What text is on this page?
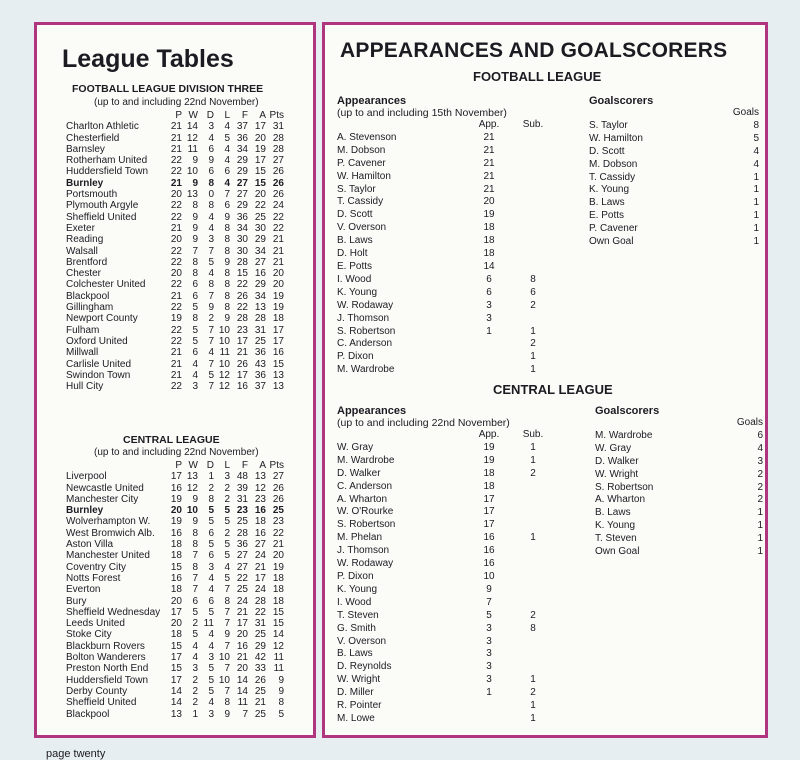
League Tables
FOOTBALL LEAGUE DIVISION THREE
(up to and including 22nd November)
	P	W	D	L	F	A	Pts
Charlton Athletic	21	14	3	4	37	17	31
Chesterfield	21	12	4	5	36	20	28
Barnsley	21	11	6	4	34	19	28
Rotherham United	22	9	9	4	29	17	27
Huddersfield Town	22	10	6	6	29	15	26
Burnley	21	9	8	4	27	15	26
Portsmouth	20	13	0	7	27	20	26
Plymouth Argyle	22	8	8	6	29	22	24
Sheffield United	22	9	4	9	36	25	22
Exeter	21	9	4	8	34	30	22
Reading	20	9	3	8	30	29	21
Walsall	22	7	7	8	30	34	21
Brentford	22	8	5	9	28	27	21
Chester	20	8	4	8	15	16	20
Colchester United	22	6	8	8	22	29	20
Blackpool	21	6	7	8	26	34	19
Gillingham	22	5	9	8	22	13	19
Newport County	19	8	2	9	28	28	18
Fulham	22	5	7	10	23	31	17
Oxford United	22	5	7	10	17	25	17
Millwall	21	6	4	11	21	36	16
Carlisle United	21	4	7	10	26	43	15
Swindon Town	21	4	5	12	17	36	13
Hull City	22	3	7	12	16	37	13
CENTRAL LEAGUE
(up to and including 22nd November)
	P	W	D	L	F	A	Pts
Liverpool	17	13	1	3	48	13	27
Newcastle United	16	12	2	2	39	12	26
Manchester City	19	9	8	2	31	23	26
Burnley	20	10	5	5	23	16	25
Wolverhampton W.	19	9	5	5	25	18	23
West Bromwich Alb.	16	8	6	2	28	16	22
Aston Villa	18	8	5	5	36	27	21
Manchester United	18	7	6	5	27	24	20
Coventry City	15	8	3	4	27	21	19
Notts Forest	16	7	4	5	22	17	18
Everton	18	7	4	7	25	24	18
Bury	20	6	6	8	24	28	18
Sheffield Wednesday	17	5	5	7	21	22	15
Leeds United	20	2	11	7	17	31	15
Stoke City	18	5	4	9	20	25	14
Blackburn Rovers	15	4	4	7	16	29	12
Bolton Wanderers	17	4	3	10	21	42	11
Preston North End	15	3	5	7	20	33	11
Huddersfield Town	17	2	5	10	14	26	9
Derby County	14	2	5	7	14	25	9
Sheffield United	14	2	4	8	11	21	8
Blackpool	13	1	3	9	7	25	5
APPEARANCES AND GOALSCORERS
FOOTBALL LEAGUE
Appearances
(up to and including 15th November)
	App.	Sub.
A. Stevenson	21	
M. Dobson	21	
P. Cavener	21	
W. Hamilton	21	
S. Taylor	21	
T. Cassidy	20	
D. Scott	19	
V. Overson	18	
B. Laws	18	
D. Holt	18	
E. Potts	14	
I. Wood	6	8
K. Young	6	6
W. Rodaway	3	2
J. Thomson	3	
S. Robertson	1	1
C. Anderson		2
P. Dixon		1
M. Wardrobe		1
Goalscorers
	Goals
S. Taylor	8
W. Hamilton	5
D. Scott	4
M. Dobson	4
T. Cassidy	1
K. Young	1
B. Laws	1
E. Potts	1
P. Cavener	1
Own Goal	1
CENTRAL LEAGUE
Appearances
(up to and including 22nd November)
	App.	Sub.
W. Gray	19	1
M. Wardrobe	19	1
D. Walker	18	2
C. Anderson	18	
A. Wharton	17	
W. O'Rourke	17	
S. Robertson	17	
M. Phelan	16	1
J. Thomson	16	
W. Rodaway	16	
P. Dixon	10	
K. Young	9	
I. Wood	7	
T. Steven	5	2
G. Smith	3	8
V. Overson	3	
B. Laws	3	
D. Reynolds	3	
W. Wright	3	1
D. Miller	1	2
R. Pointer		1
M. Lowe		1
Goalscorers
	Goals
M. Wardrobe	6
W. Gray	4
D. Walker	3
W. Wright	2
S. Robertson	2
A. Wharton	2
B. Laws	1
K. Young	1
T. Steven	1
Own Goal	1
page twenty
